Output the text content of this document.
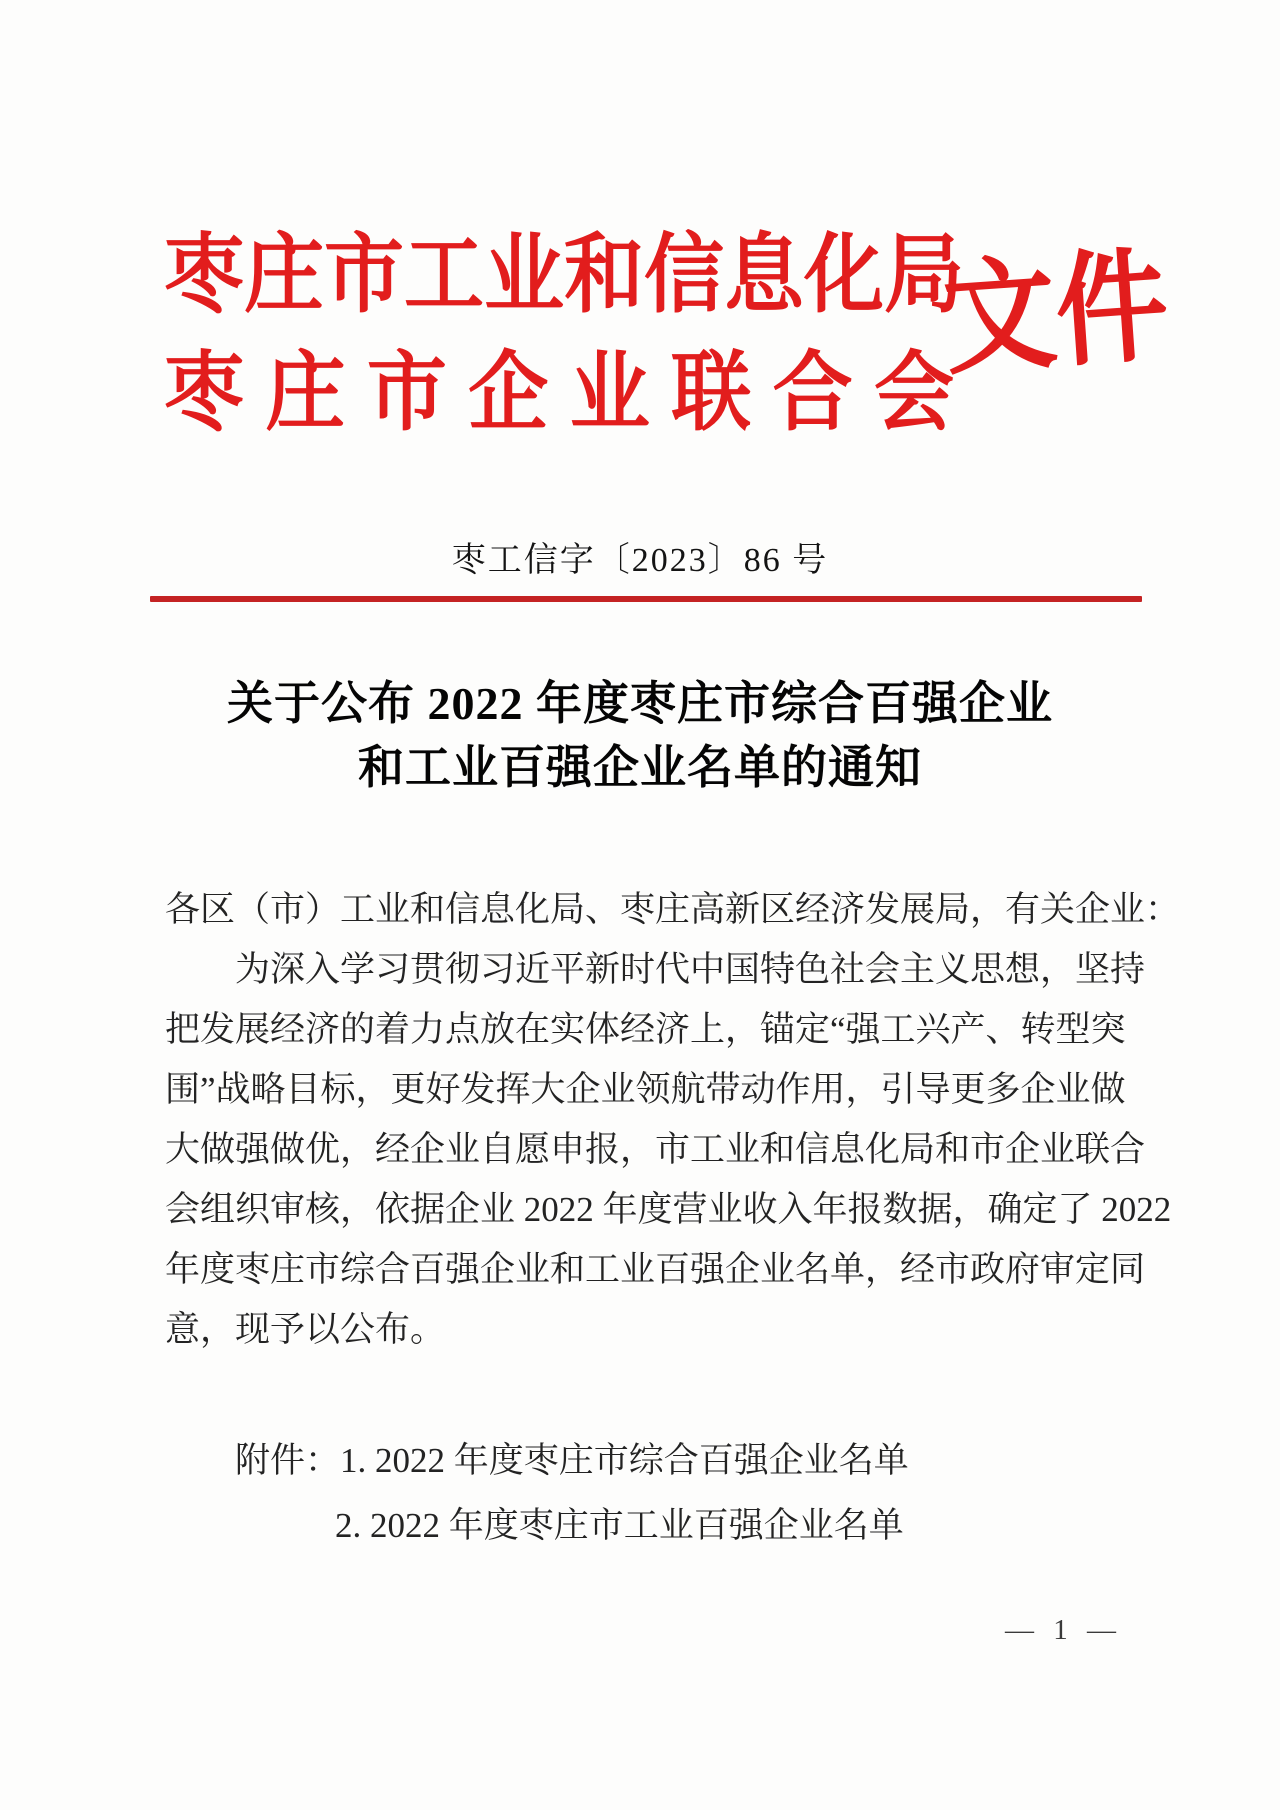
枣庄市工业和信息化局
枣庄市企业联合会
文件
枣工信字〔2023〕86 号
关于公布 2022 年度枣庄市综合百强企业
和工业百强企业名单的通知
各区（市）工业和信息化局、枣庄高新区经济发展局，有关企业：
为深入学习贯彻习近平新时代中国特色社会主义思想，坚持
把发展经济的着力点放在实体经济上，锚定“强工兴产、转型突
围”战略目标，更好发挥大企业领航带动作用，引导更多企业做
大做强做优，经企业自愿申报，市工业和信息化局和市企业联合
会组织审核，依据企业 2022 年度营业收入年报数据，确定了 2022
年度枣庄市综合百强企业和工业百强企业名单，经市政府审定同
意，现予以公布。
附件：1. 2022 年度枣庄市综合百强企业名单
2. 2022 年度枣庄市工业百强企业名单
— 1 —
